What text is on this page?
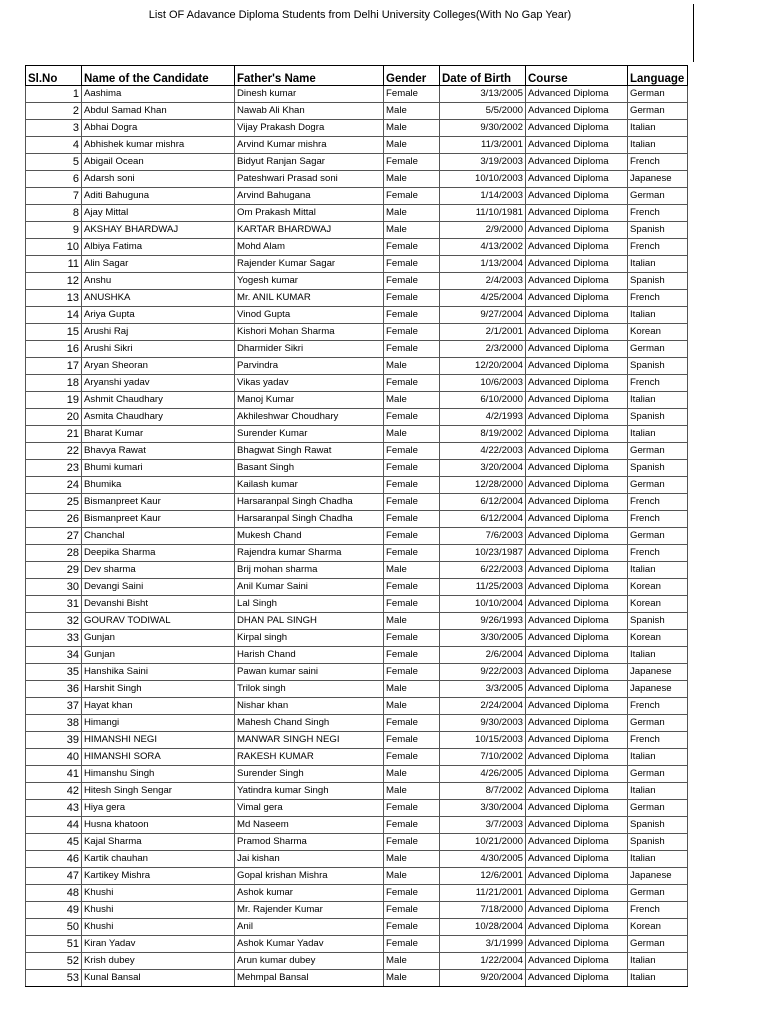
List OF Adavance Diploma Students from Delhi University Colleges(With No Gap Year)
Sl.No	Name of the Candidate	Father's Name	Gender	Date of Birth	Course	Language
1	Aashima	Dinesh kumar	Female	3/13/2005	Advanced Diploma	German
2	Abdul Samad Khan	Nawab Ali Khan	Male	5/5/2000	Advanced Diploma	German
3	Abhai Dogra	Vijay Prakash Dogra	Male	9/30/2002	Advanced Diploma	Italian
4	Abhishek kumar mishra	Arvind Kumar mishra	Male	11/3/2001	Advanced Diploma	Italian
5	Abigail Ocean	Bidyut Ranjan Sagar	Female	3/19/2003	Advanced Diploma	French
6	Adarsh soni	Pateshwari Prasad soni	Male	10/10/2003	Advanced Diploma	Japanese
7	Aditi Bahuguna	Arvind Bahugana	Female	1/14/2003	Advanced Diploma	German
8	Ajay Mittal	Om Prakash Mittal	Male	11/10/1981	Advanced Diploma	French
9	AKSHAY BHARDWAJ	KARTAR BHARDWAJ	Male	2/9/2000	Advanced Diploma	Spanish
10	Albiya Fatima	Mohd Alam	Female	4/13/2002	Advanced Diploma	French
11	Alin Sagar	Rajender Kumar Sagar	Female	1/13/2004	Advanced Diploma	Italian
12	Anshu	Yogesh kumar	Female	2/4/2003	Advanced Diploma	Spanish
13	ANUSHKA	Mr. ANIL KUMAR	Female	4/25/2004	Advanced Diploma	French
14	Ariya Gupta	Vinod Gupta	Female	9/27/2004	Advanced Diploma	Italian
15	Arushi Raj	Kishori Mohan Sharma	Female	2/1/2001	Advanced Diploma	Korean
16	Arushi Sikri	Dharmider Sikri	Female	2/3/2000	Advanced Diploma	German
17	Aryan Sheoran	Parvindra	Male	12/20/2004	Advanced Diploma	Spanish
18	Aryanshi yadav	Vikas yadav	Female	10/6/2003	Advanced Diploma	French
19	Ashmit Chaudhary	Manoj Kumar	Male	6/10/2000	Advanced Diploma	Italian
20	Asmita Chaudhary	Akhileshwar Choudhary	Female	4/2/1993	Advanced Diploma	Spanish
21	Bharat Kumar	Surender Kumar	Male	8/19/2002	Advanced Diploma	Italian
22	Bhavya Rawat	Bhagwat Singh Rawat	Female	4/22/2003	Advanced Diploma	German
23	Bhumi kumari	Basant Singh	Female	3/20/2004	Advanced Diploma	Spanish
24	Bhumika	Kailash kumar	Female	12/28/2000	Advanced Diploma	German
25	Bismanpreet Kaur	Harsaranpal Singh Chadha	Female	6/12/2004	Advanced Diploma	French
26	Bismanpreet Kaur	Harsaranpal Singh Chadha	Female	6/12/2004	Advanced Diploma	French
27	Chanchal	Mukesh Chand	Female	7/6/2003	Advanced Diploma	German
28	Deepika Sharma	Rajendra kumar Sharma	Female	10/23/1987	Advanced Diploma	French
29	Dev sharma	Brij mohan sharma	Male	6/22/2003	Advanced Diploma	Italian
30	Devangi Saini	Anil Kumar Saini	Female	11/25/2003	Advanced Diploma	Korean
31	Devanshi Bisht	Lal Singh	Female	10/10/2004	Advanced Diploma	Korean
32	GOURAV TODIWAL	DHAN PAL SINGH	Male	9/26/1993	Advanced Diploma	Spanish
33	Gunjan	Kirpal singh	Female	3/30/2005	Advanced Diploma	Korean
34	Gunjan	Harish Chand	Female	2/6/2004	Advanced Diploma	Italian
35	Hanshika Saini	Pawan kumar saini	Female	9/22/2003	Advanced Diploma	Japanese
36	Harshit Singh	Trilok singh	Male	3/3/2005	Advanced Diploma	Japanese
37	Hayat khan	Nishar khan	Male	2/24/2004	Advanced Diploma	French
38	Himangi	Mahesh Chand Singh	Female	9/30/2003	Advanced Diploma	German
39	HIMANSHI NEGI	MANWAR SINGH NEGI	Female	10/15/2003	Advanced Diploma	French
40	HIMANSHI SORA	RAKESH KUMAR	Female	7/10/2002	Advanced Diploma	Italian
41	Himanshu Singh	Surender Singh	Male	4/26/2005	Advanced Diploma	German
42	Hitesh Singh Sengar	Yatindra kumar Singh	Male	8/7/2002	Advanced Diploma	Italian
43	Hiya gera	Vimal gera	Female	3/30/2004	Advanced Diploma	German
44	Husna khatoon	Md Naseem	Female	3/7/2003	Advanced Diploma	Spanish
45	Kajal Sharma	Pramod Sharma	Female	10/21/2000	Advanced Diploma	Spanish
46	Kartik chauhan	Jai kishan	Male	4/30/2005	Advanced Diploma	Italian
47	Kartikey Mishra	Gopal krishan Mishra	Male	12/6/2001	Advanced Diploma	Japanese
48	Khushi	Ashok kumar	Female	11/21/2001	Advanced Diploma	German
49	Khushi	Mr. Rajender Kumar	Female	7/18/2000	Advanced Diploma	French
50	Khushi	Anil	Female	10/28/2004	Advanced Diploma	Korean
51	Kiran Yadav	Ashok Kumar Yadav	Female	3/1/1999	Advanced Diploma	German
52	Krish dubey	Arun kumar dubey	Male	1/22/2004	Advanced Diploma	Italian
53	Kunal Bansal	Mehmpal Bansal	Male	9/20/2004	Advanced Diploma	Italian
